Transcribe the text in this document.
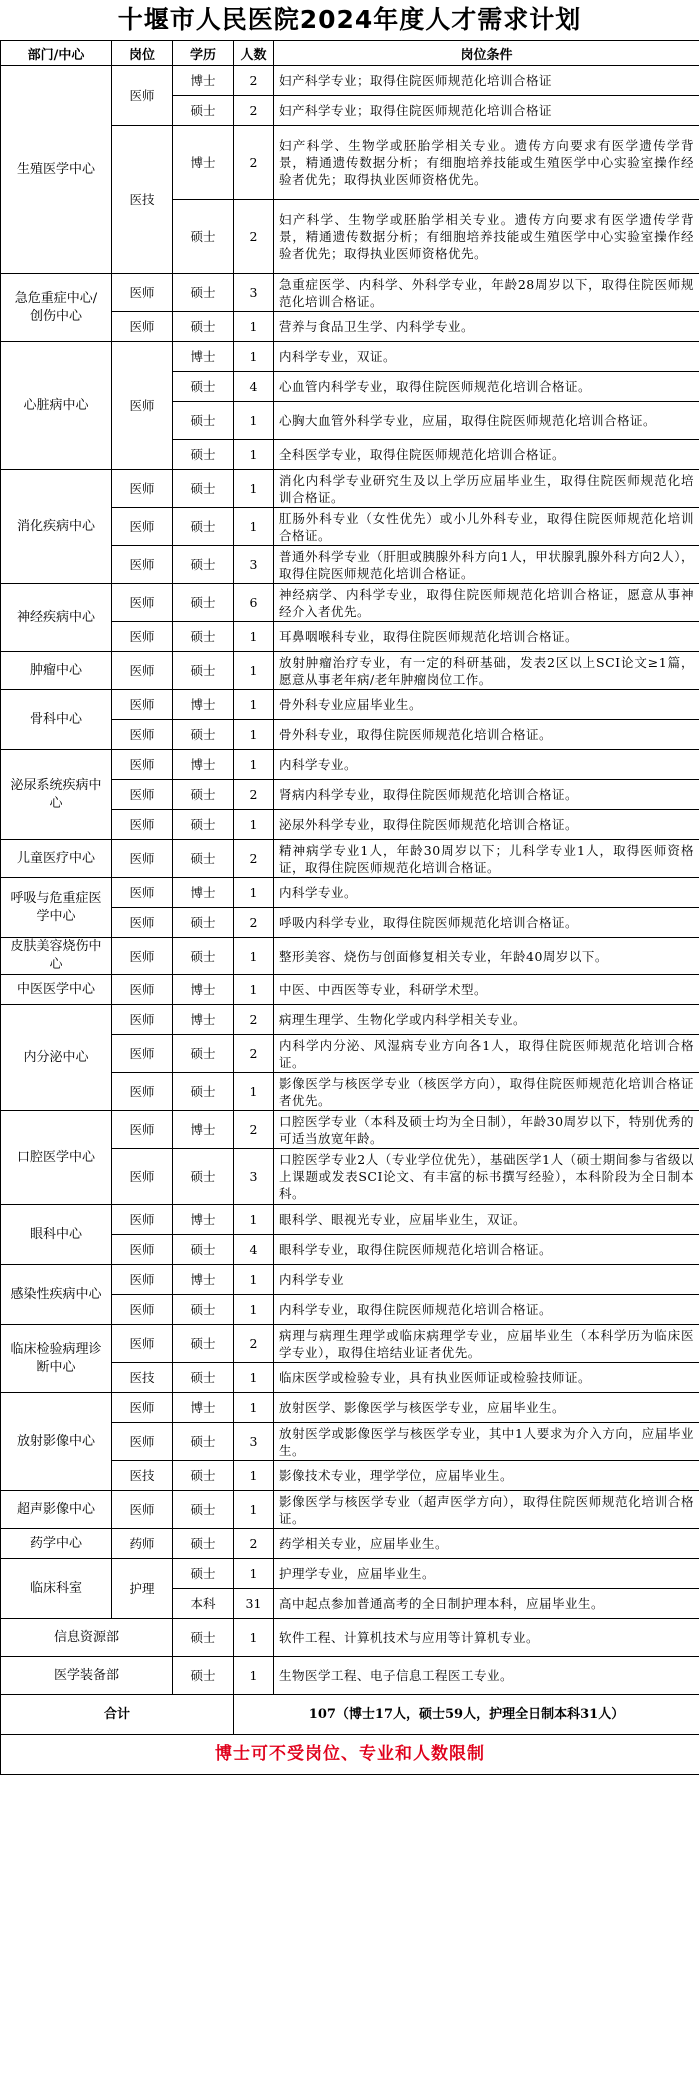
十堰市人民医院2024年度人才需求计划
部门/中心	岗位	学历	人数	岗位条件
生殖医学中心	医师	博士	2	妇产科学专业；取得住院医师规范化培训合格证
		硕士	2	妇产科学专业；取得住院医师规范化培训合格证
	医技	博士	2	妇产科学、生物学或胚胎学相关专业。遗传方向要求有医学遗传学背景，精通遗传数据分析；有细胞培养技能或生殖医学中心实验室操作经验者优先；取得执业医师资格优先。
		硕士	2	妇产科学、生物学或胚胎学相关专业。遗传方向要求有医学遗传学背景，精通遗传数据分析；有细胞培养技能或生殖医学中心实验室操作经验者优先；取得执业医师资格优先。
急危重症中心/创伤中心	医师	硕士	3	急重症医学、内科学、外科学专业，年龄28周岁以下，取得住院医师规范化培训合格证。
	医师	硕士	1	营养与食品卫生学、内科学专业。
心脏病中心	医师	博士	1	内科学专业，双证。
		硕士	4	心血管内科学专业，取得住院医师规范化培训合格证。
		硕士	1	心胸大血管外科学专业，应届，取得住院医师规范化培训合格证。
		硕士	1	全科医学专业，取得住院医师规范化培训合格证。
消化疾病中心	医师	硕士	1	消化内科学专业研究生及以上学历应届毕业生，取得住院医师规范化培训合格证。
	医师	硕士	1	肛肠外科专业（女性优先）或小儿外科专业，取得住院医师规范化培训合格证。
	医师	硕士	3	普通外科学专业（肝胆或胰腺外科方向1人，甲状腺乳腺外科方向2人），取得住院医师规范化培训合格证。
神经疾病中心	医师	硕士	6	神经病学、内科学专业，取得住院医师规范化培训合格证，愿意从事神经介入者优先。
	医师	硕士	1	耳鼻咽喉科专业，取得住院医师规范化培训合格证。
肿瘤中心	医师	硕士	1	放射肿瘤治疗专业，有一定的科研基础，发表2区以上SCI论文≥1篇，愿意从事老年病/老年肿瘤岗位工作。
骨科中心	医师	博士	1	骨外科专业应届毕业生。
	医师	硕士	1	骨外科专业，取得住院医师规范化培训合格证。
泌尿系统疾病中心	医师	博士	1	内科学专业。
	医师	硕士	2	肾病内科学专业，取得住院医师规范化培训合格证。
	医师	硕士	1	泌尿外科学专业，取得住院医师规范化培训合格证。
儿童医疗中心	医师	硕士	2	精神病学专业1人，年龄30周岁以下；儿科学专业1人，取得医师资格证，取得住院医师规范化培训合格证。
呼吸与危重症医学中心	医师	博士	1	内科学专业。
	医师	硕士	2	呼吸内科学专业，取得住院医师规范化培训合格证。
皮肤美容烧伤中心	医师	硕士	1	整形美容、烧伤与创面修复相关专业，年龄40周岁以下。
中医医学中心	医师	博士	1	中医、中西医等专业，科研学术型。
内分泌中心	医师	博士	2	病理生理学、生物化学或内科学相关专业。
	医师	硕士	2	内科学内分泌、风湿病专业方向各1人，取得住院医师规范化培训合格证。
	医师	硕士	1	影像医学与核医学专业（核医学方向），取得住院医师规范化培训合格证者优先。
口腔医学中心	医师	博士	2	口腔医学专业（本科及硕士均为全日制），年龄30周岁以下，特别优秀的可适当放宽年龄。
	医师	硕士	3	口腔医学专业2人（专业学位优先），基础医学1人（硕士期间参与省级以上课题或发表SCI论文、有丰富的标书撰写经验），本科阶段为全日制本科。
眼科中心	医师	博士	1	眼科学、眼视光专业，应届毕业生，双证。
	医师	硕士	4	眼科学专业，取得住院医师规范化培训合格证。
感染性疾病中心	医师	博士	1	内科学专业
	医师	硕士	1	内科学专业，取得住院医师规范化培训合格证。
临床检验病理诊断中心	医师	硕士	2	病理与病理生理学或临床病理学专业，应届毕业生（本科学历为临床医学专业），取得住培结业证者优先。
	医技	硕士	1	临床医学或检验专业，具有执业医师证或检验技师证。
放射影像中心	医师	博士	1	放射医学、影像医学与核医学专业，应届毕业生。
	医师	硕士	3	放射医学或影像医学与核医学专业，其中1人要求为介入方向，应届毕业生。
	医技	硕士	1	影像技术专业，理学学位，应届毕业生。
超声影像中心	医师	硕士	1	影像医学与核医学专业（超声医学方向），取得住院医师规范化培训合格证。
药学中心	药师	硕士	2	药学相关专业，应届毕业生。
临床科室	护理	硕士	1	护理学专业，应届毕业生。
		本科	31	高中起点参加普通高考的全日制护理本科，应届毕业生。
信息资源部		硕士	1	软件工程、计算机技术与应用等计算机专业。
医学装备部		硕士	1	生物医学工程、电子信息工程医工专业。
合计			107（博士17人，硕士59人，护理全日制本科31人）	
博士可不受岗位、专业和人数限制				
